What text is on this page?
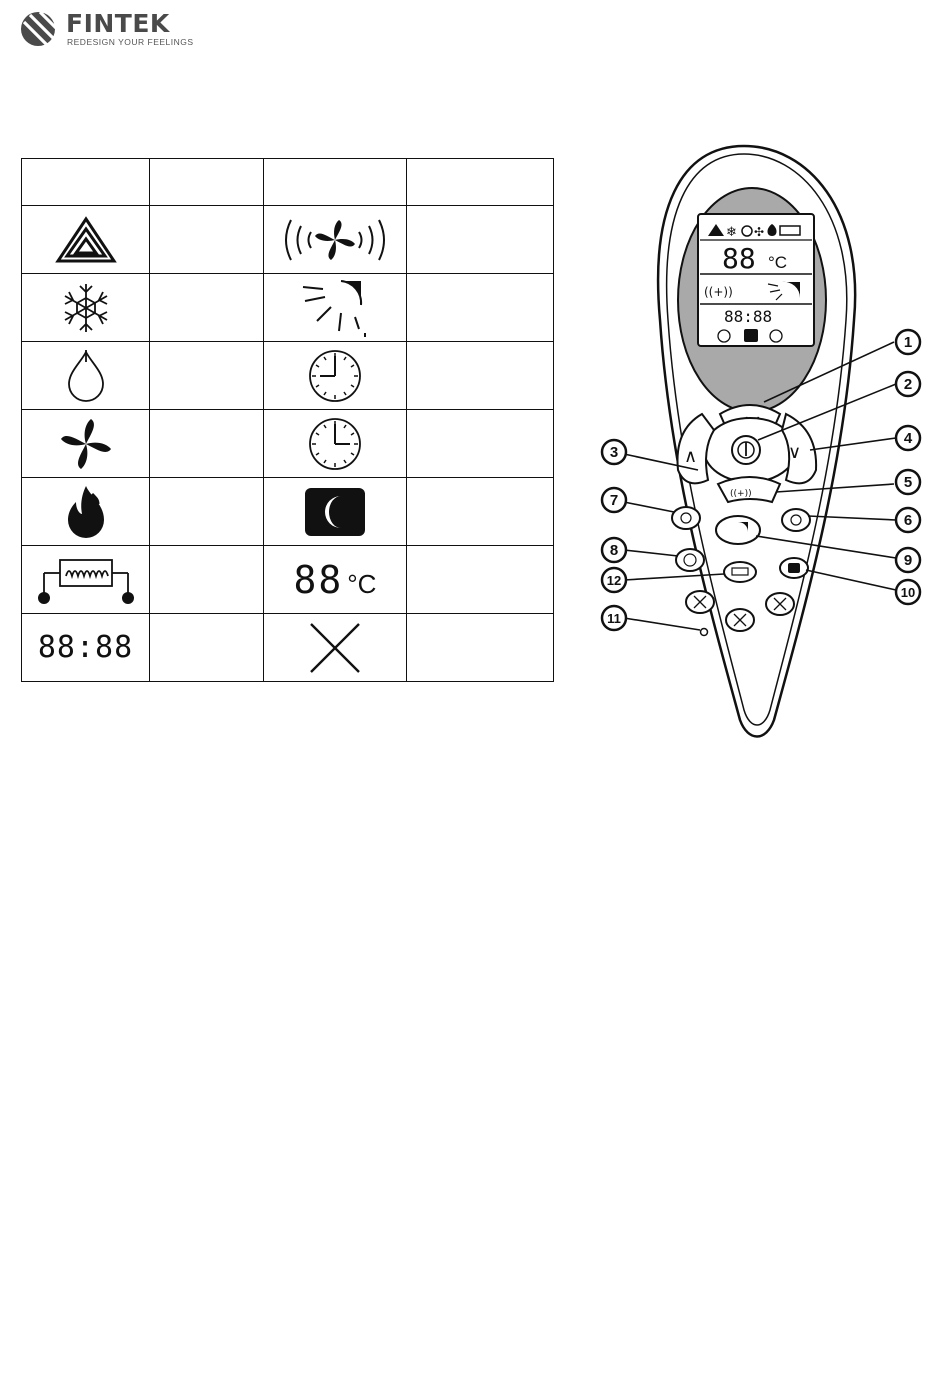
FINTEK
REDESIGN YOUR FEELINGS

88 °C	

88:88		

❄ ✣
88 °C
((+))
88:88
∧	∨
((+))
1
2
3
4
5
6
7
8
9
10
11
12
